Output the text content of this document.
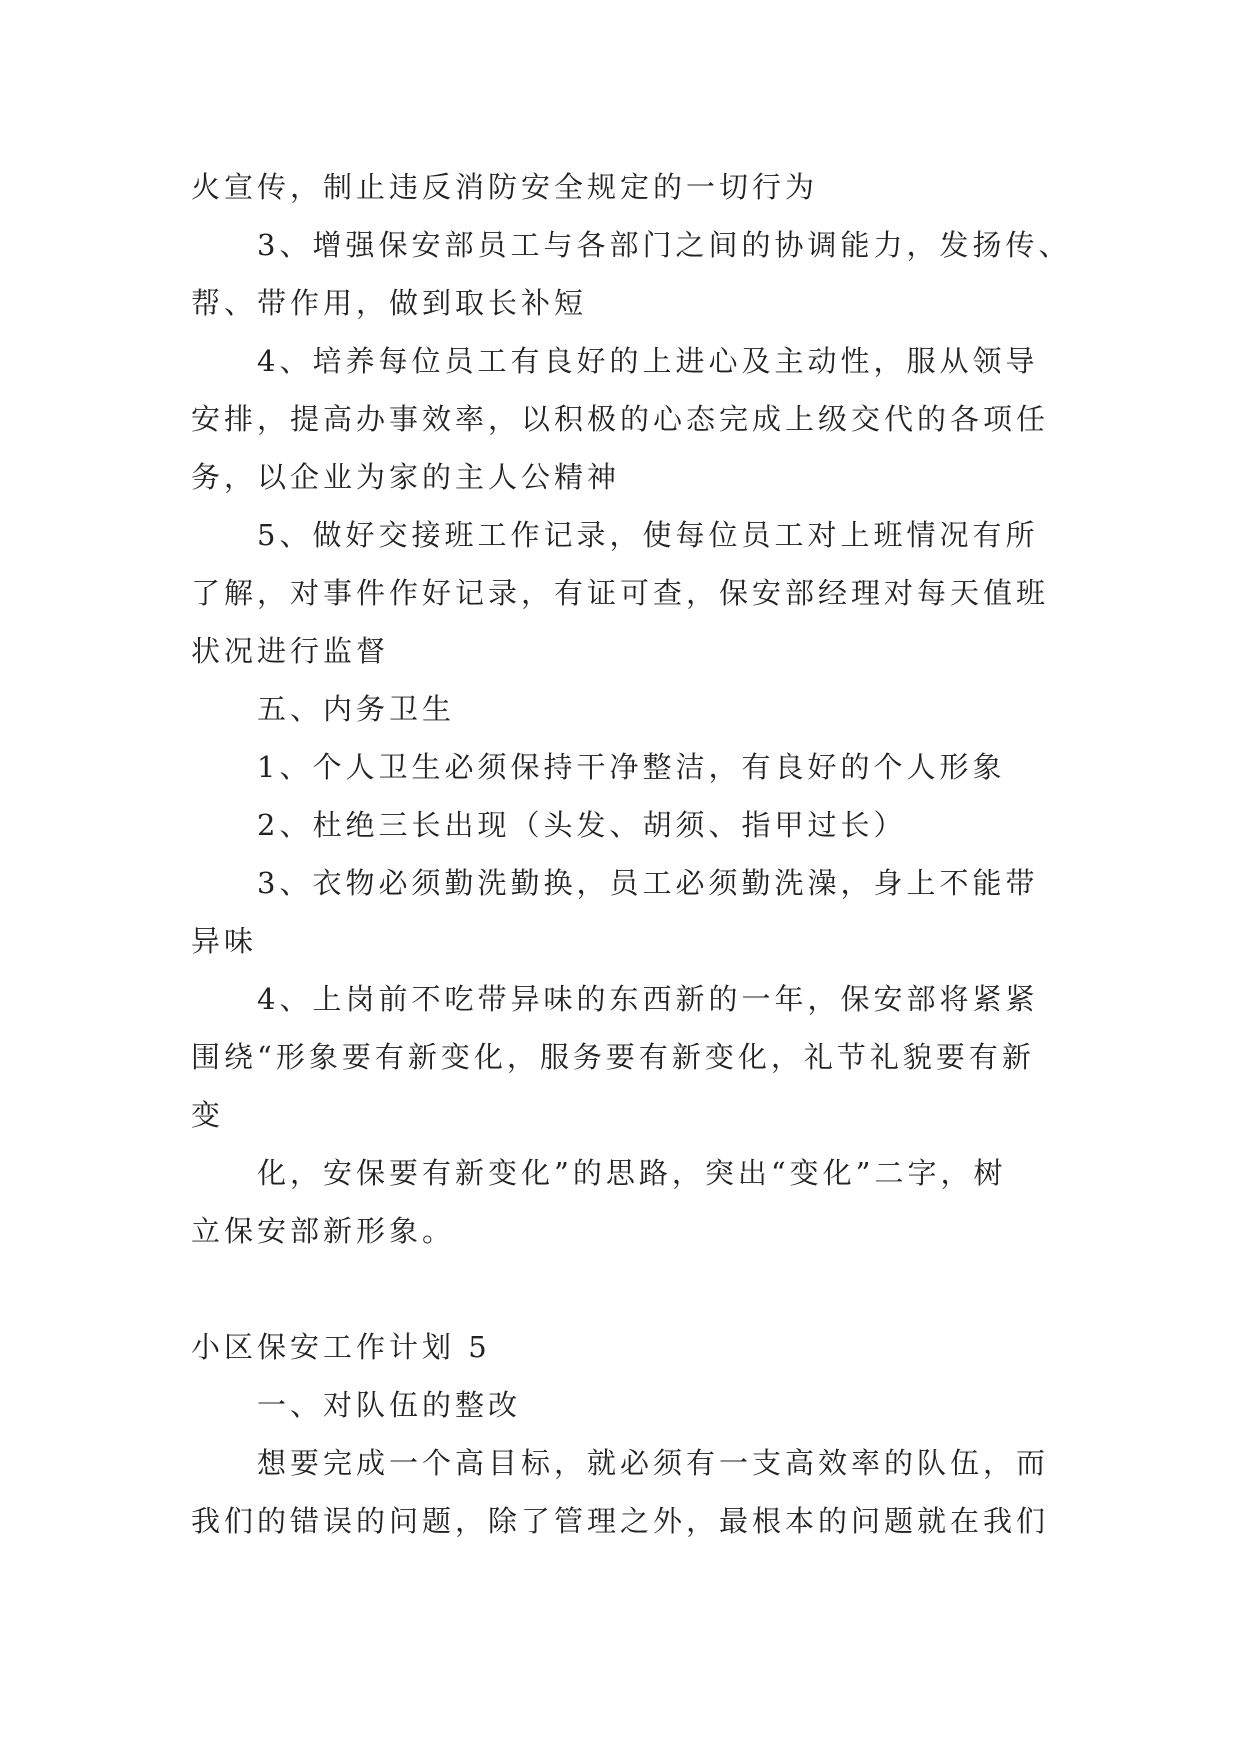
火宣传，制止违反消防安全规定的一切行为
3、增强保安部员工与各部门之间的协调能力，发扬传、
帮、带作用，做到取长补短
4、培养每位员工有良好的上进心及主动性，服从领导
安排，提高办事效率，以积极的心态完成上级交代的各项任
务，以企业为家的主人公精神
5、做好交接班工作记录，使每位员工对上班情况有所
了解，对事件作好记录，有证可查，保安部经理对每天值班
状况进行监督
五、内务卫生
1、个人卫生必须保持干净整洁，有良好的个人形象
2、杜绝三长出现（头发、胡须、指甲过长）
3、衣物必须勤洗勤换，员工必须勤洗澡，身上不能带
异味
4、上岗前不吃带异味的东西新的一年，保安部将紧紧
围绕“形象要有新变化，服务要有新变化，礼节礼貌要有新
变
化，安保要有新变化”的思路，突出“变化”二字，树
立保安部新形象。
小区保安工作计划 5
一、对队伍的整改
想要完成一个高目标，就必须有一支高效率的队伍，而
我们的错误的问题，除了管理之外，最根本的问题就在我们
